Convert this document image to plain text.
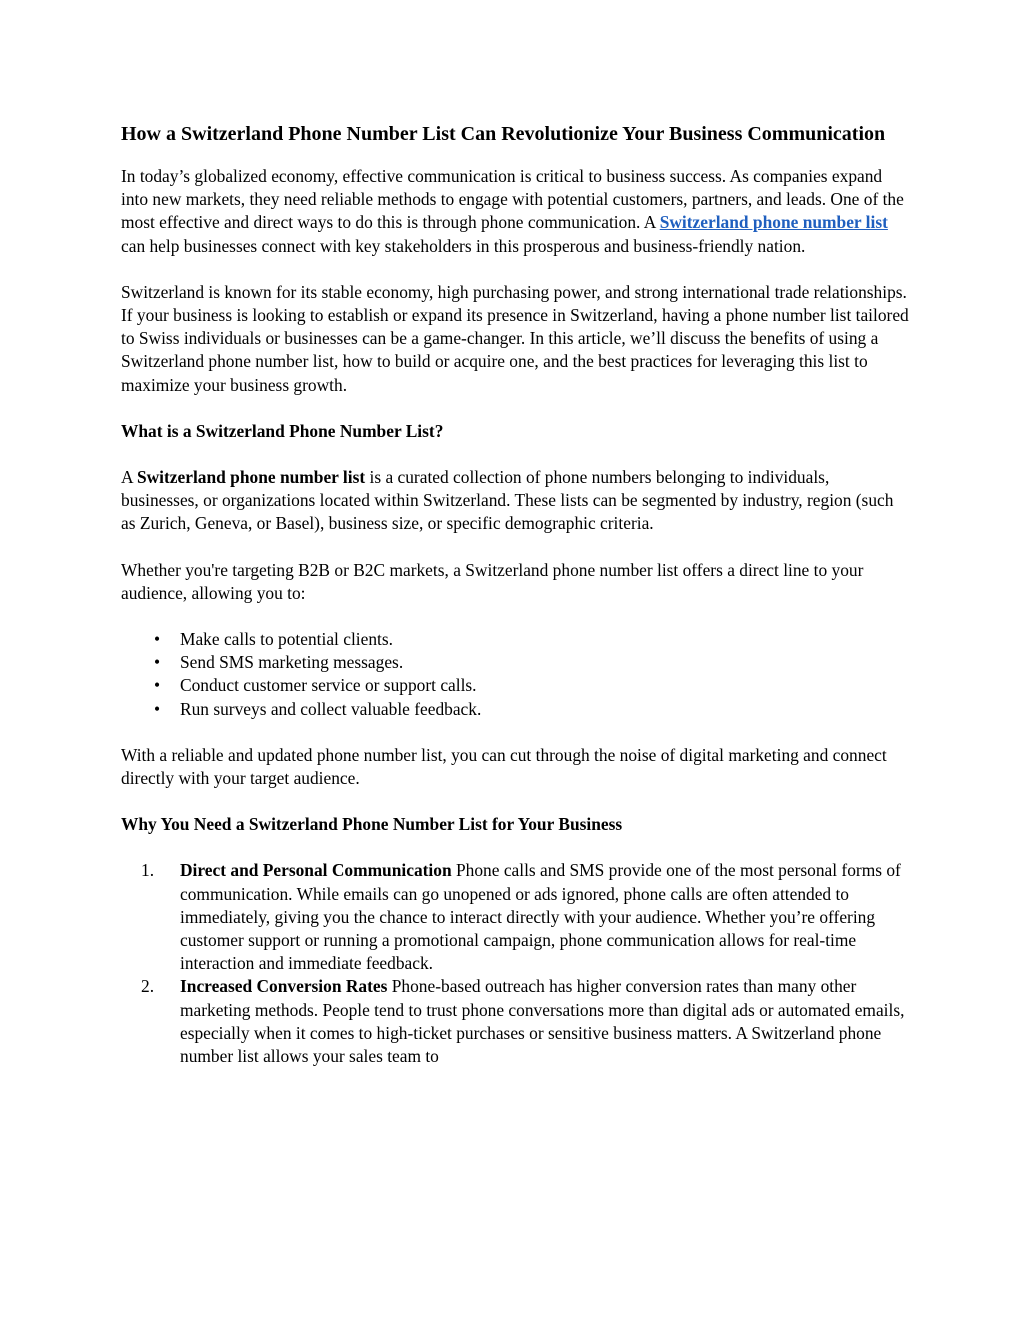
How a Switzerland Phone Number List Can Revolutionize Your Business Communication

In today’s globalized economy, effective communication is critical to business success. As companies expand into new markets, they need reliable methods to engage with potential customers, partners, and leads. One of the most effective and direct ways to do this is through phone communication. A Switzerland phone number list can help businesses connect with key stakeholders in this prosperous and business-friendly nation.

Switzerland is known for its stable economy, high purchasing power, and strong international trade relationships. If your business is looking to establish or expand its presence in Switzerland, having a phone number list tailored to Swiss individuals or businesses can be a game-changer. In this article, we’ll discuss the benefits of using a Switzerland phone number list, how to build or acquire one, and the best practices for leveraging this list to maximize your business growth.

What is a Switzerland Phone Number List?

A Switzerland phone number list is a curated collection of phone numbers belonging to individuals, businesses, or organizations located within Switzerland. These lists can be segmented by industry, region (such as Zurich, Geneva, or Basel), business size, or specific demographic criteria.

Whether you're targeting B2B or B2C markets, a Switzerland phone number list offers a direct line to your audience, allowing you to:

• Make calls to potential clients.
• Send SMS marketing messages.
• Conduct customer service or support calls.
• Run surveys and collect valuable feedback.

With a reliable and updated phone number list, you can cut through the noise of digital marketing and connect directly with your target audience.

Why You Need a Switzerland Phone Number List for Your Business
1. Direct and Personal Communication Phone calls and SMS provide one of the most personal forms of communication. While emails can go unopened or ads ignored, phone calls are often attended to immediately, giving you the chance to interact directly with your audience. Whether you’re offering customer support or running a promotional campaign, phone communication allows for real-time interaction and immediate feedback.
2. Increased Conversion Rates Phone-based outreach has higher conversion rates than many other marketing methods. People tend to trust phone conversations more than digital ads or automated emails, especially when it comes to high-ticket purchases or sensitive business matters. A Switzerland phone number list allows your sales team to
